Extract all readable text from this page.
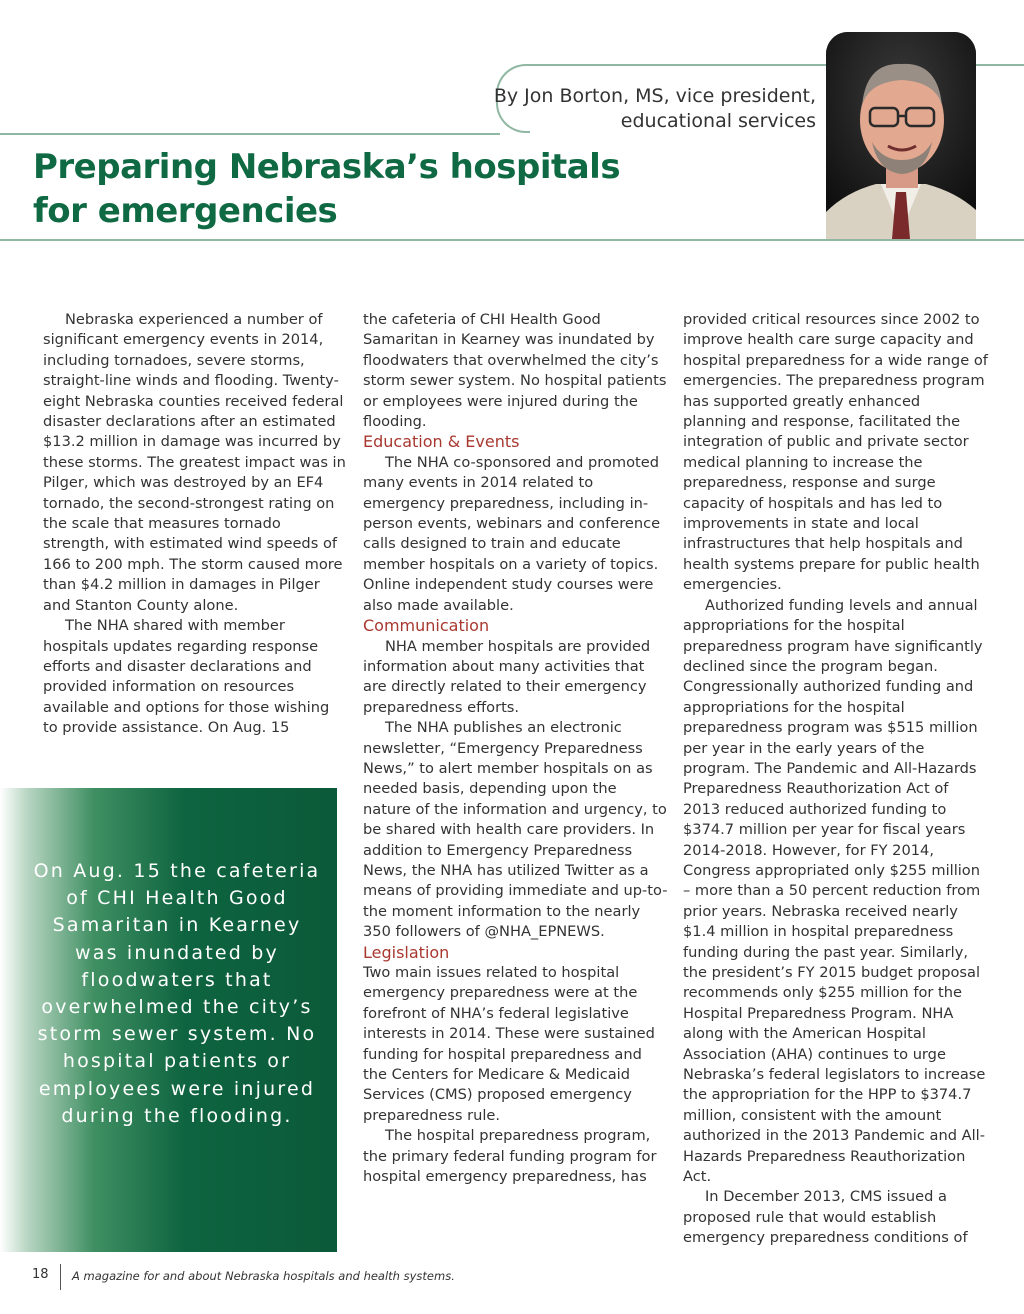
By Jon Borton, MS, vice president, educational services
Preparing Nebraska’s hospitals
for emergencies

Nebraska experienced a number of significant emergency events in 2014, including tornadoes, severe storms, straight-line winds and flooding. Twenty-eight Nebraska counties received federal disaster declarations after an estimated $13.2 million in damage was incurred by these storms. The greatest impact was in Pilger, which was destroyed by an EF4 tornado, the second-strongest rating on the scale that measures tornado strength, with estimated wind speeds of 166 to 200 mph. The storm caused more than $4.2 million in damages in Pilger and Stanton County alone.

The NHA shared with member hospitals updates regarding response efforts and disaster declarations and provided information on resources available and options for those wishing to provide assistance. On Aug. 15

the cafeteria of CHI Health Good Samaritan in Kearney was inundated by floodwaters that overwhelmed the city’s storm sewer system. No hospital patients or employees were injured during the flooding.

Education & Events

The NHA co-sponsored and promoted many events in 2014 related to emergency preparedness, including in-person events, webinars and conference calls designed to train and educate member hospitals on a variety of topics. Online independent study courses were also made available.

Communication

NHA member hospitals are provided information about many activities that are directly related to their emergency preparedness efforts.

The NHA publishes an electronic newsletter, “Emergency Preparedness News,” to alert member hospitals on as needed basis, depending upon the nature of the information and urgency, to be shared with health care providers. In addition to Emergency Preparedness News, the NHA has utilized Twitter as a means of providing immediate and up-to-the moment information to the nearly 350 followers of @NHA_EPNEWS.

Legislation

Two main issues related to hospital emergency preparedness were at the forefront of NHA’s federal legislative interests in 2014. These were sustained funding for hospital preparedness and the Centers for Medicare & Medicaid Services (CMS) proposed emergency preparedness rule.

The hospital preparedness program, the primary federal funding program for hospital emergency preparedness, has

provided critical resources since 2002 to improve health care surge capacity and hospital preparedness for a wide range of emergencies. The preparedness program has supported greatly enhanced planning and response, facilitated the integration of public and private sector medical planning to increase the preparedness, response and surge capacity of hospitals and has led to improvements in state and local infrastructures that help hospitals and health systems prepare for public health emergencies.

Authorized funding levels and annual appropriations for the hospital preparedness program have significantly declined since the program began. Congressionally authorized funding and appropriations for the hospital preparedness program was $515 million per year in the early years of the program. The Pandemic and All-Hazards Preparedness Reauthorization Act of 2013 reduced authorized funding to $374.7 million per year for fiscal years 2014-2018. However, for FY 2014, Congress appropriated only $255 million – more than a 50 percent reduction from prior years. Nebraska received nearly $1.4 million in hospital preparedness funding during the past year. Similarly, the president’s FY 2015 budget proposal recommends only $255 million for the Hospital Preparedness Program. NHA along with the American Hospital Association (AHA) continues to urge Nebraska’s federal legislators to increase the appropriation for the HPP to $374.7 million, consistent with the amount authorized in the 2013 Pandemic and All-Hazards Preparedness Reauthorization Act.

In December 2013, CMS issued a proposed rule that would establish emergency preparedness conditions of

On Aug. 15 the cafeteria of CHI Health Good Samaritan in Kearney was inundated by floodwaters that overwhelmed the city’s storm sewer system. No hospital patients or employees were injured during the flooding.
18 A magazine for and about Nebraska hospitals and health systems.
